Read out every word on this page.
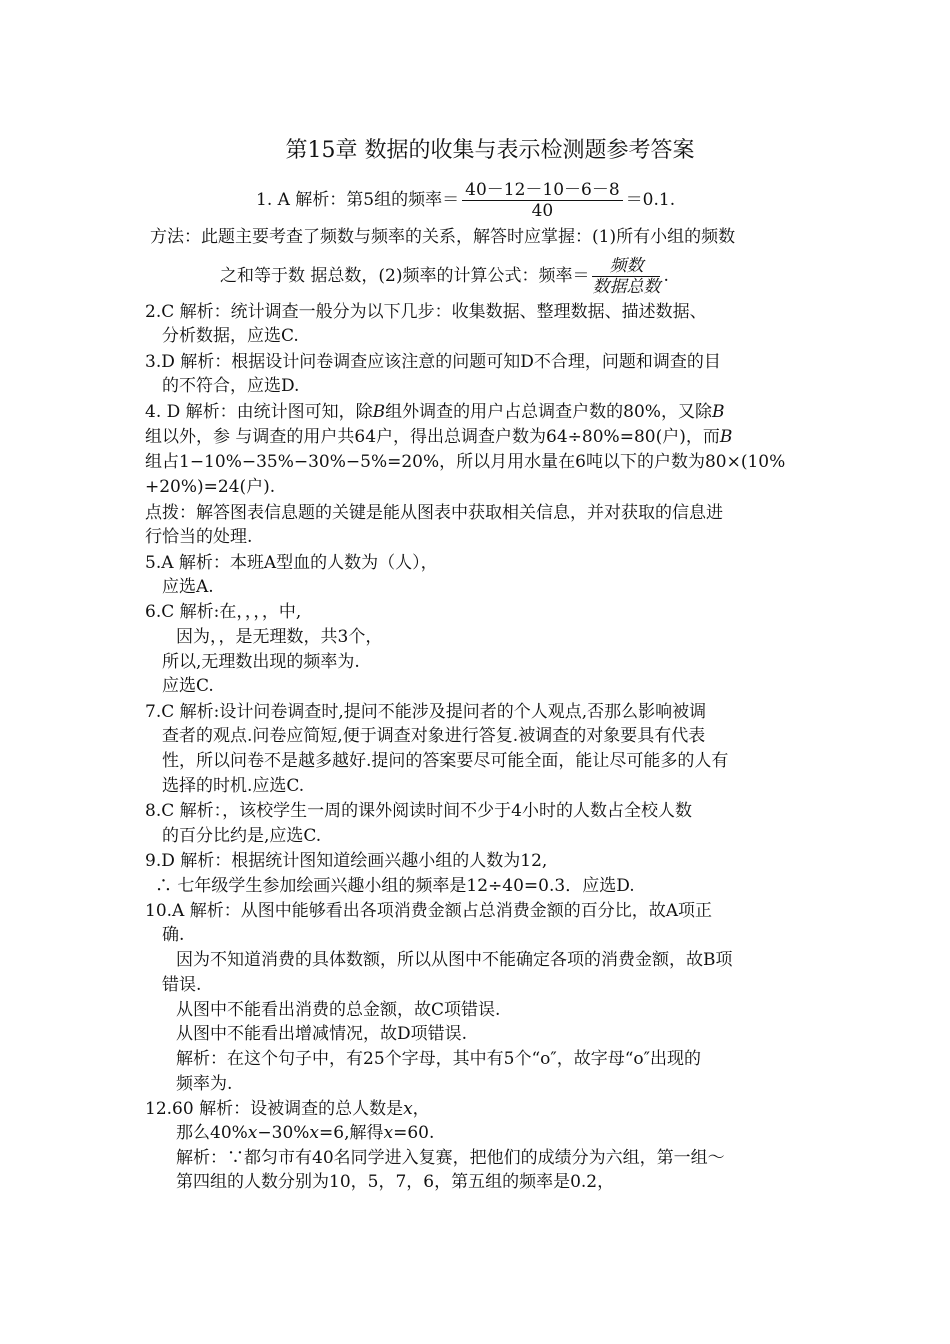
第15章 数据的收集与表示检测题参考答案
1. A 解析：第5组的频率＝ $\frac{40-12-10-6-8}{40} =0.1$.
方法：此题主要考查了频数与频率的关系，解答时应掌握：(1)所有小组的频数
之和等于数 据总数，(2)频率的计算公式：频率＝ $\frac{\text{频数}}{\text{数据总数}}$ .
2.C 解析：统计调查一般分为以下几步：收集数据、整理数据、描述数据、
分析数据，应选C.
3.D 解析：根据设计问卷调查应该注意的问题可知D不合理，问题和调查的目
的不符合，应选D.
4. D 解析：由统计图可知，除B组外调查的用户占总调查户数的80%，又除B
组以外，参 与调查的用户共64户，得出总调查户数为64÷80%=80(户)，而B
组占1−10%−35%−30%−5%=20%，所以月用水量在6吨以下的户数为80×(10%
+20%)=24(户).
点拨：解答图表信息题的关键是能从图表中获取相关信息，并对获取的信息进
行恰当的处理.
5.A 解析：本班A型血的人数为（人），
应选A.
6.C 解析:在，，，，中,
因为，，是无理数，共3个，
所以,无理数出现的频率为.
应选C.
7.C 解析:设计问卷调查时,提问不能涉及提问者的个人观点,否那么影响被调
查者的观点.问卷应简短,便于调查对象进行答复.被调查的对象要具有代表
性，所以问卷不是越多越好.提问的答案要尽可能全面，能让尽可能多的人有
选择的时机.应选C.
8.C 解析：，该校学生一周的课外阅读时间不少于4小时的人数占全校人数
的百分比约是,应选C.
9.D 解析：根据统计图知道绘画兴趣小组的人数为12,
∴ 七年级学生参加绘画兴趣小组的频率是12÷40=0.3．应选D.
10.A 解析：从图中能够看出各项消费金额占总消费金额的百分比，故A项正
确.
因为不知道消费的具体数额，所以从图中不能确定各项的消费金额，故B项
错误.
从图中不能看出消费的总金额，故C项错误.
从图中不能看出增减情况，故D项错误.
解析：在这个句子中，有25个字母，其中有5个“o″，故字母“o″出现的
频率为.
12.60 解析：设被调查的总人数是x，
那么40%x−30%x=6,解得x=60.
解析：∵都匀市有40名同学进入复赛，把他们的成绩分为六组，第一组～
第四组的人数分别为10，5，7，6，第五组的频率是0.2，
